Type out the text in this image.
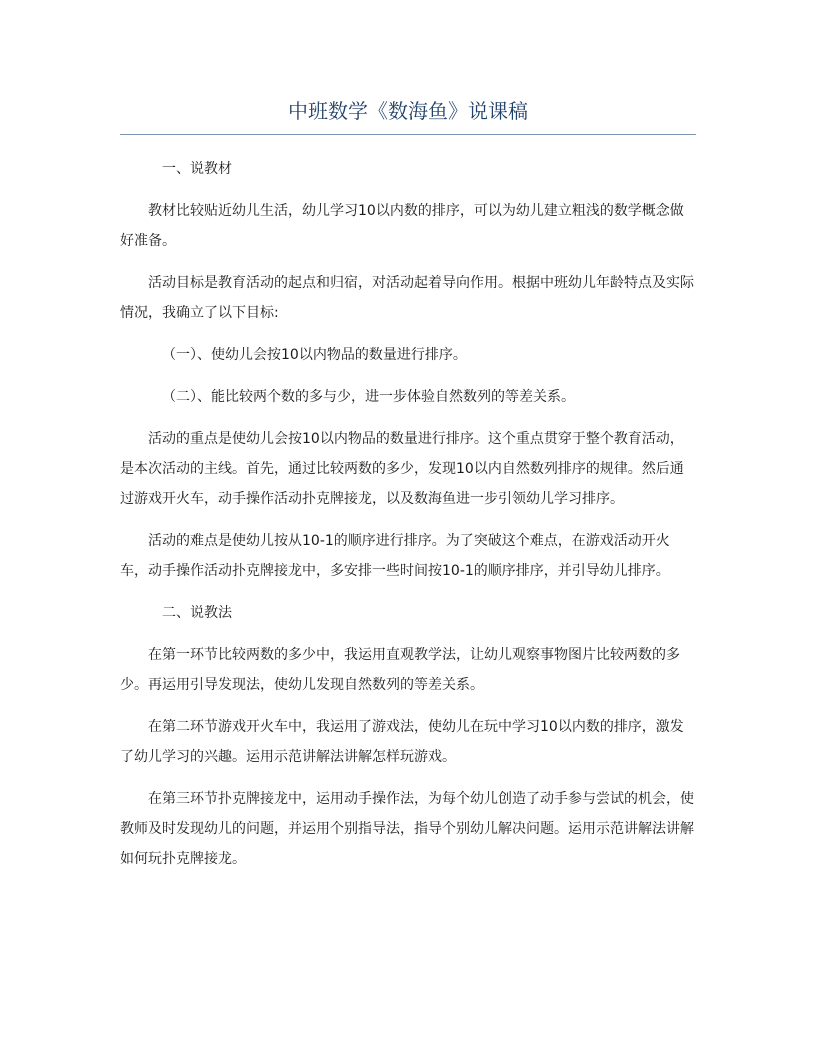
中班数学《数海鱼》说课稿
一、说教材

教材比较贴近幼儿生活，幼儿学习10以内数的排序，可以为幼儿建立粗浅的数学概念做好准备。

活动目标是教育活动的起点和归宿，对活动起着导向作用。根据中班幼儿年龄特点及实际情况，我确立了以下目标:

（一）、使幼儿会按10以内物品的数量进行排序。

（二）、能比较两个数的多与少，进一步体验自然数列的等差关系。

活动的重点是使幼儿会按10以内物品的数量进行排序。这个重点贯穿于整个教育活动，是本次活动的主线。首先，通过比较两数的多少，发现10以内自然数列排序的规律。然后通过游戏开火车，动手操作活动扑克牌接龙，以及数海鱼进一步引领幼儿学习排序。

活动的难点是使幼儿按从10-1的顺序进行排序。为了突破这个难点，在游戏活动开火车，动手操作活动扑克牌接龙中，多安排一些时间按10-1的顺序排序，并引导幼儿排序。

二、说教法

在第一环节比较两数的多少中，我运用直观教学法，让幼儿观察事物图片比较两数的多少。再运用引导发现法，使幼儿发现自然数列的等差关系。

在第二环节游戏开火车中，我运用了游戏法，使幼儿在玩中学习10以内数的排序，激发了幼儿学习的兴趣。运用示范讲解法讲解怎样玩游戏。

在第三环节扑克牌接龙中，运用动手操作法，为每个幼儿创造了动手参与尝试的机会，使教师及时发现幼儿的问题，并运用个别指导法，指导个别幼儿解决问题。运用示范讲解法讲解如何玩扑克牌接龙。
